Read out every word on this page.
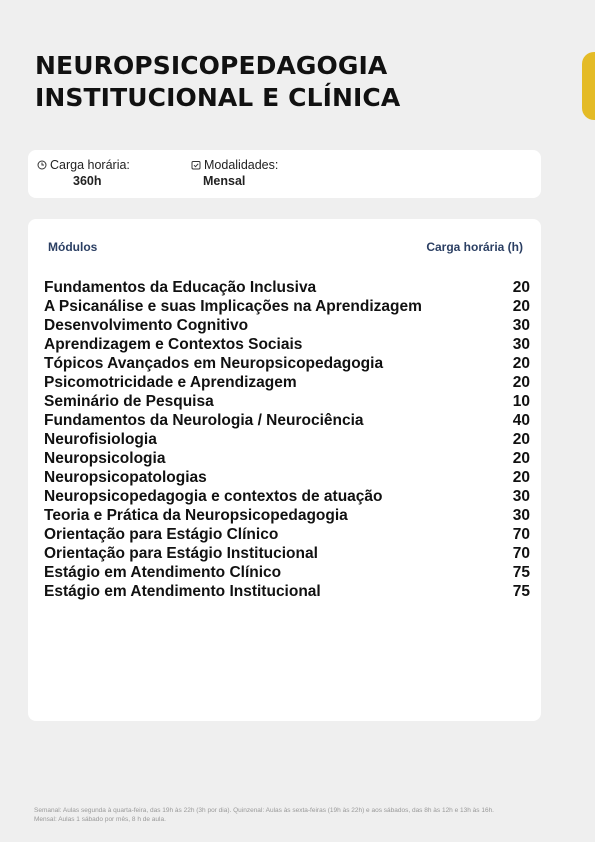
NEUROPSICOPEDAGOGIA
INSTITUCIONAL E CLÍNICA
Carga horária:
360h
Modalidades:
Mensal
Módulos	Carga horária (h)
Fundamentos da Educação Inclusiva	20
A Psicanálise e suas Implicações na Aprendizagem	20
Desenvolvimento Cognitivo	30
Aprendizagem e Contextos Sociais	30
Tópicos Avançados em Neuropsicopedagogia	20
Psicomotricidade e Aprendizagem	20
Seminário de Pesquisa	10
Fundamentos da Neurologia / Neurociência	40
Neurofisiologia	20
Neuropsicologia	20
Neuropsicopatologias	20
Neuropsicopedagogia e contextos de atuação	30
Teoria e Prática da Neuropsicopedagogia	30
Orientação para Estágio Clínico	70
Orientação para Estágio Institucional	70
Estágio em Atendimento Clínico	75
Estágio em Atendimento Institucional	75
Semanal: Aulas segunda à quarta-feira, das 19h às 22h (3h por dia). Quinzenal: Aulas às sexta-feiras (19h às 22h) e aos sábados, das 8h às 12h e 13h às 16h.
Mensal: Aulas 1 sábado por mês, 8 h de aula.
